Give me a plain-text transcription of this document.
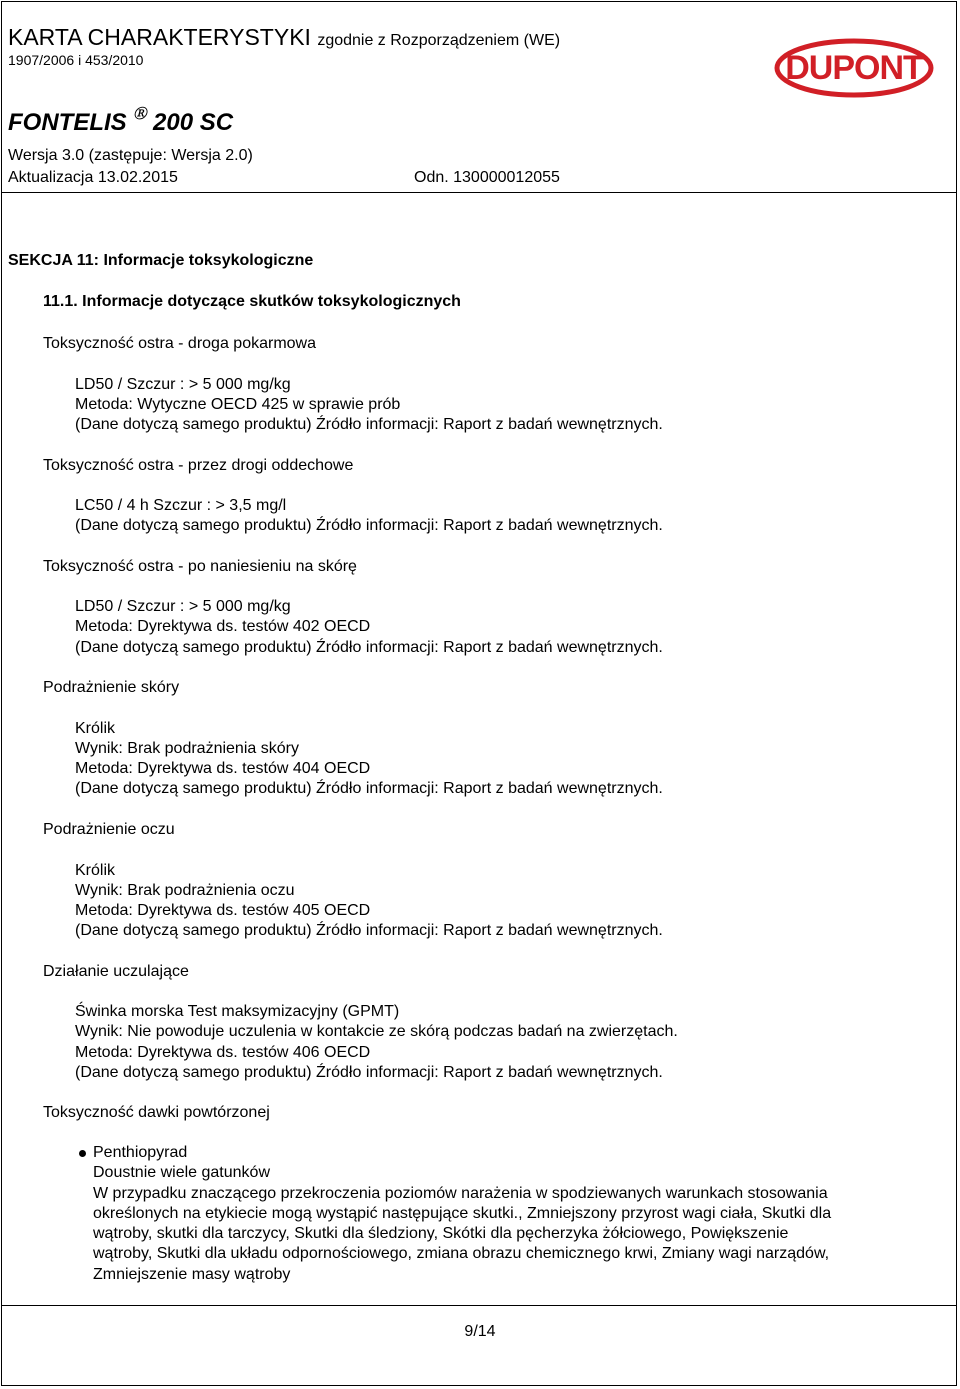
KARTA CHARAKTERYSTYKI zgodnie z Rozporządzeniem (WE)
1907/2006 i 453/2010	DUPONT
FONTELIS Ⓡ 200 SC
Wersja 3.0 (zastępuje: Wersja 2.0)
Aktualizacja 13.02.2015	Odn. 130000012055
SEKCJA 11: Informacje toksykologiczne
11.1. Informacje dotyczące skutków toksykologicznych
Toksyczność ostra - droga pokarmowa
LD50 / Szczur : > 5 000 mg/kg
Metoda: Wytyczne OECD 425 w sprawie prób
(Dane dotyczą samego produktu) Źródło informacji: Raport z badań wewnętrznych.
Toksyczność ostra - przez drogi oddechowe
LC50 / 4 h Szczur : > 3,5 mg/l
(Dane dotyczą samego produktu) Źródło informacji: Raport z badań wewnętrznych.
Toksyczność ostra - po naniesieniu na skórę
LD50 / Szczur : > 5 000 mg/kg
Metoda: Dyrektywa ds. testów 402 OECD
(Dane dotyczą samego produktu) Źródło informacji: Raport z badań wewnętrznych.
Podrażnienie skóry
Królik
Wynik: Brak podrażnienia skóry
Metoda: Dyrektywa ds. testów 404 OECD
(Dane dotyczą samego produktu) Źródło informacji: Raport z badań wewnętrznych.
Podrażnienie oczu
Królik
Wynik: Brak podrażnienia oczu
Metoda: Dyrektywa ds. testów 405 OECD
(Dane dotyczą samego produktu) Źródło informacji: Raport z badań wewnętrznych.
Działanie uczulające
Świnka morska Test maksymizacyjny (GPMT)
Wynik: Nie powoduje uczulenia w kontakcie ze skórą podczas badań na zwierzętach.
Metoda: Dyrektywa ds. testów 406 OECD
(Dane dotyczą samego produktu) Źródło informacji: Raport z badań wewnętrznych.
Toksyczność dawki powtórzonej
Penthiopyrad
Doustnie wiele gatunków
W przypadku znaczącego przekroczenia poziomów narażenia w spodziewanych warunkach stosowania
określonych na etykiecie mogą wystąpić następujące skutki., Zmniejszony przyrost wagi ciała, Skutki dla
wątroby, skutki dla tarczycy, Skutki dla śledziony, Skótki dla pęcherzyka żółciowego, Powiększenie
wątroby, Skutki dla układu odpornościowego, zmiana obrazu chemicznego krwi, Zmiany wagi narządów,
Zmniejszenie masy wątroby
9/14
